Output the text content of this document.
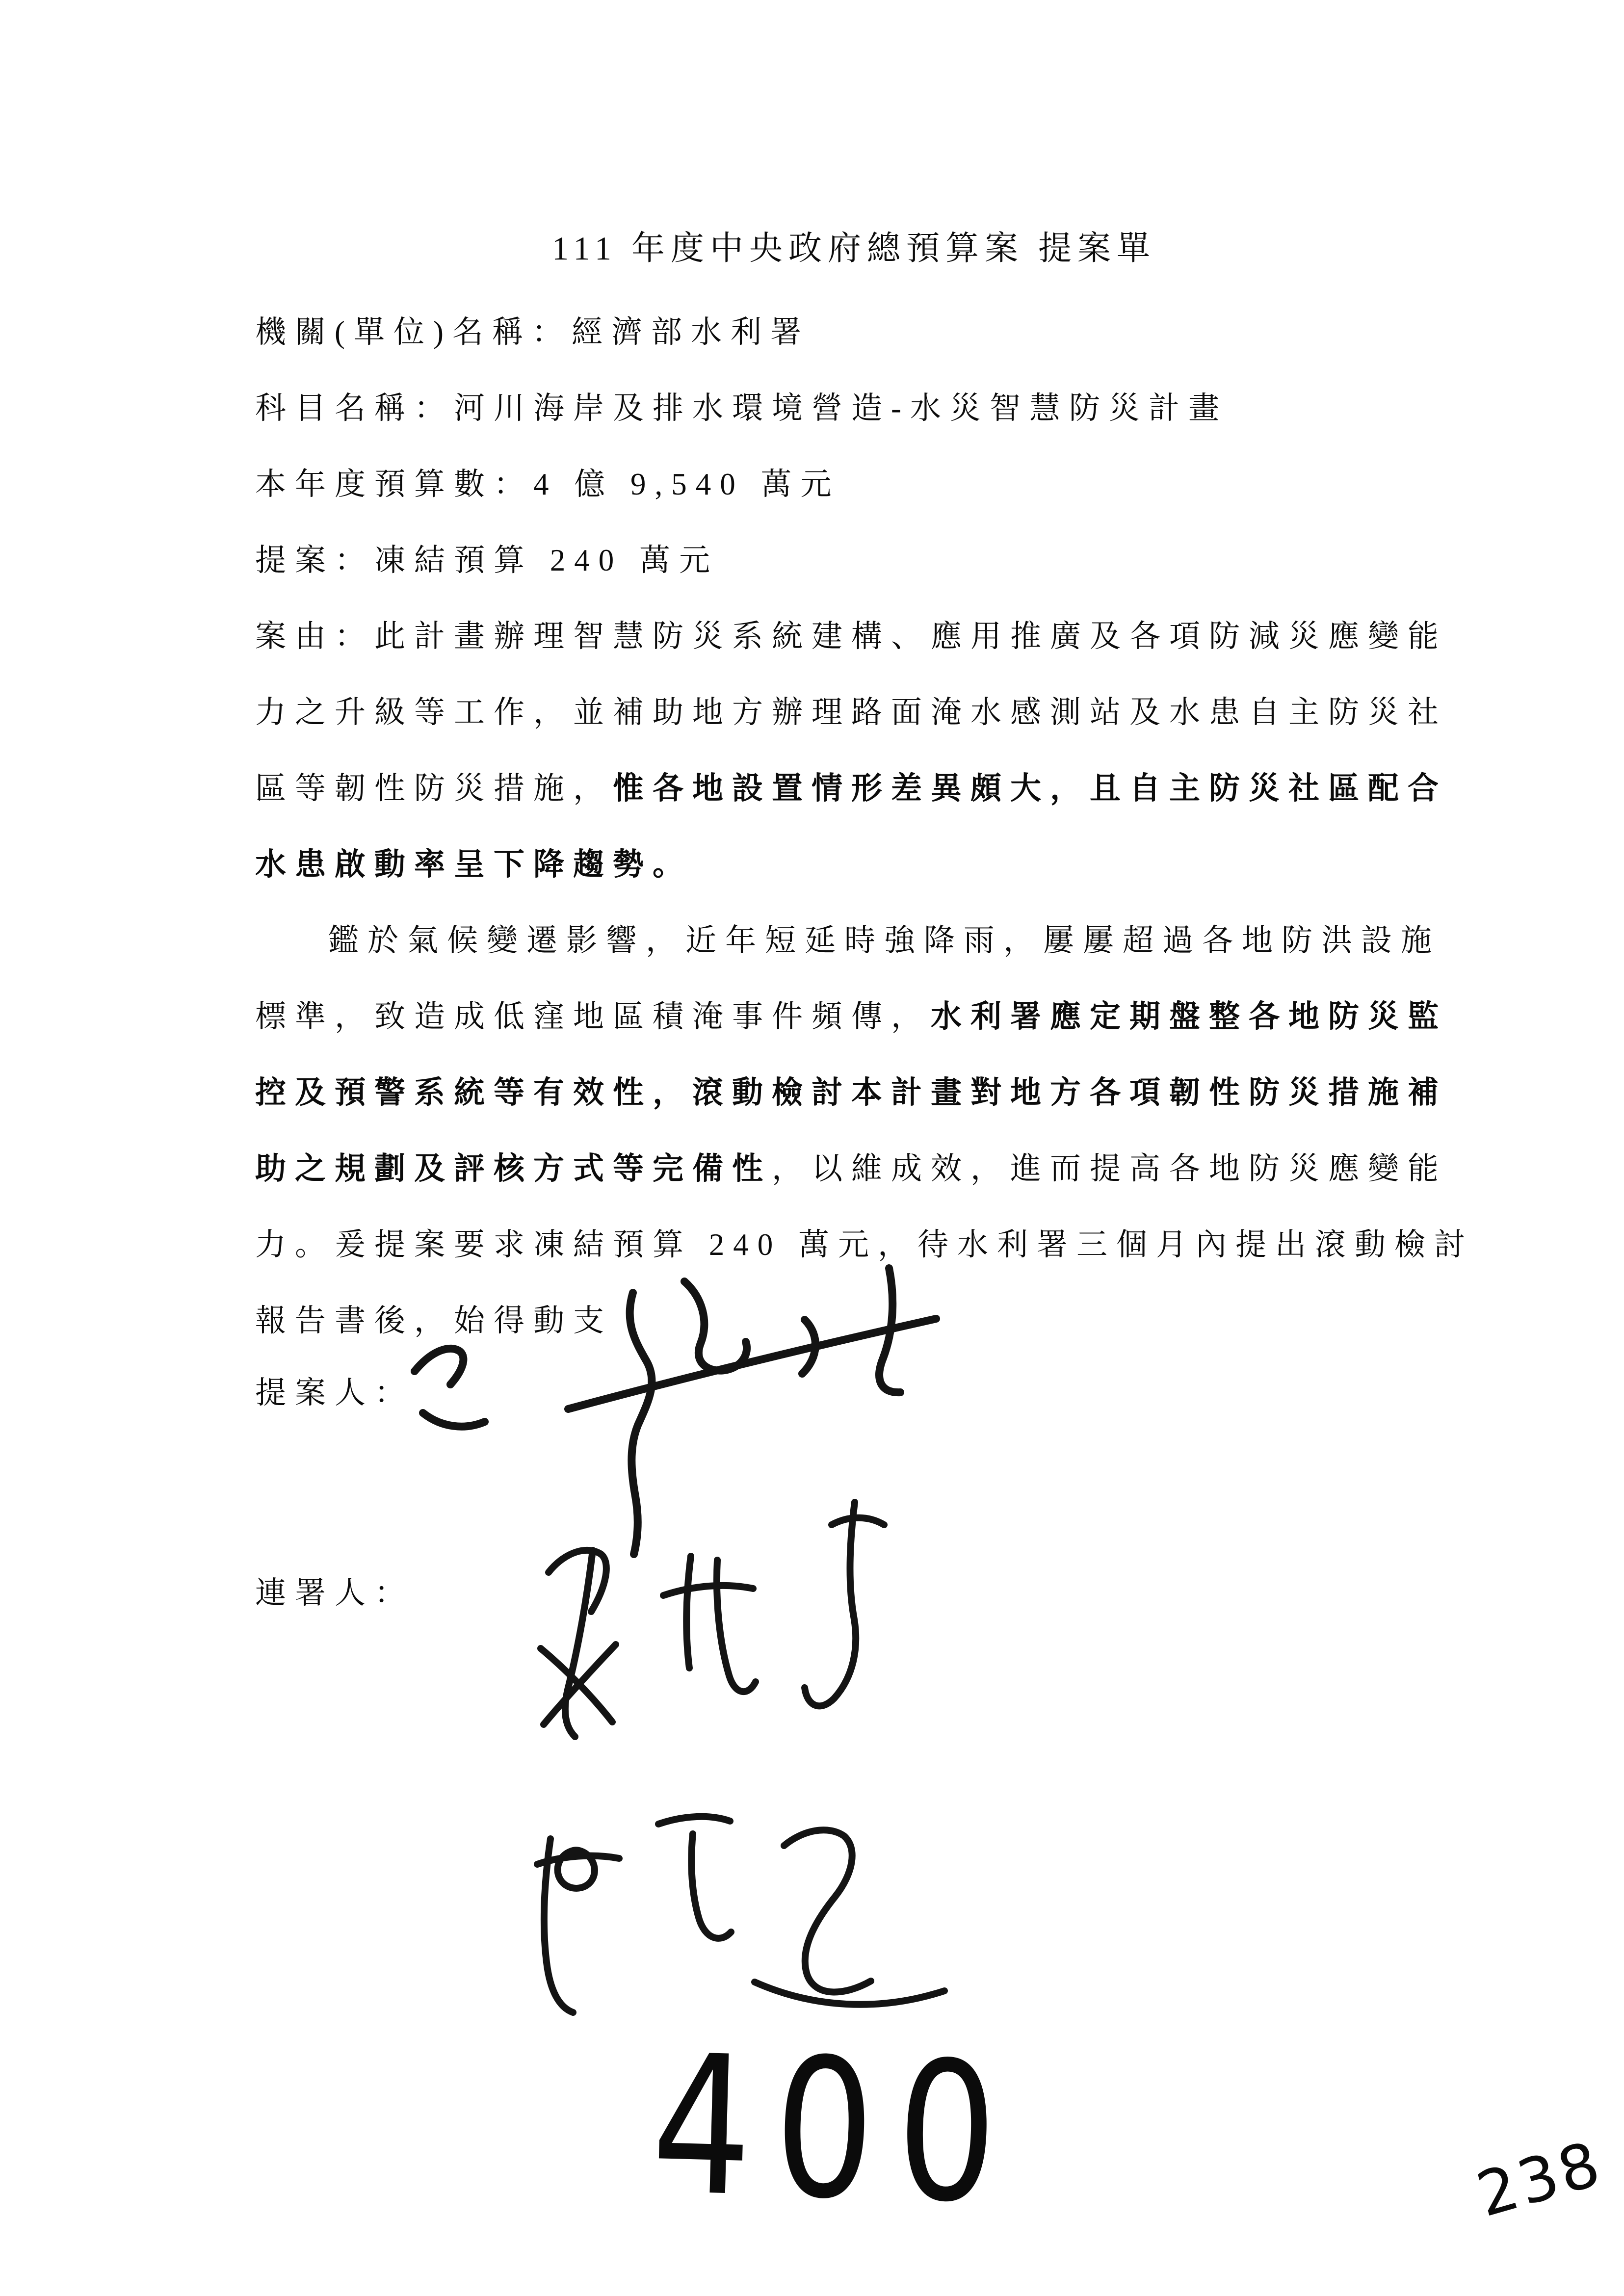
111 年度中央政府總預算案 提案單
機關(單位)名稱：經濟部水利署
科目名稱：河川海岸及排水環境營造-水災智慧防災計畫
本年度預算數：4 億 9,540 萬元
提案：凍結預算 240 萬元
案由：此計畫辦理智慧防災系統建構、應用推廣及各項防減災應變能
力之升級等工作，並補助地方辦理路面淹水感測站及水患自主防災社
區等韌性防災措施，惟各地設置情形差異頗大，且自主防災社區配合
水患啟動率呈下降趨勢。
鑑於氣候變遷影響，近年短延時強降雨，屢屢超過各地防洪設施
標準，致造成低窪地區積淹事件頻傳，水利署應定期盤整各地防災監
控及預警系統等有效性，滾動檢討本計畫對地方各項韌性防災措施補
助之規劃及評核方式等完備性，以維成效，進而提高各地防災應變能
力。爰提案要求凍結預算 240 萬元，待水利署三個月內提出滾動檢討
報告書後，始得動支
提案人：
連署人：
400	238
